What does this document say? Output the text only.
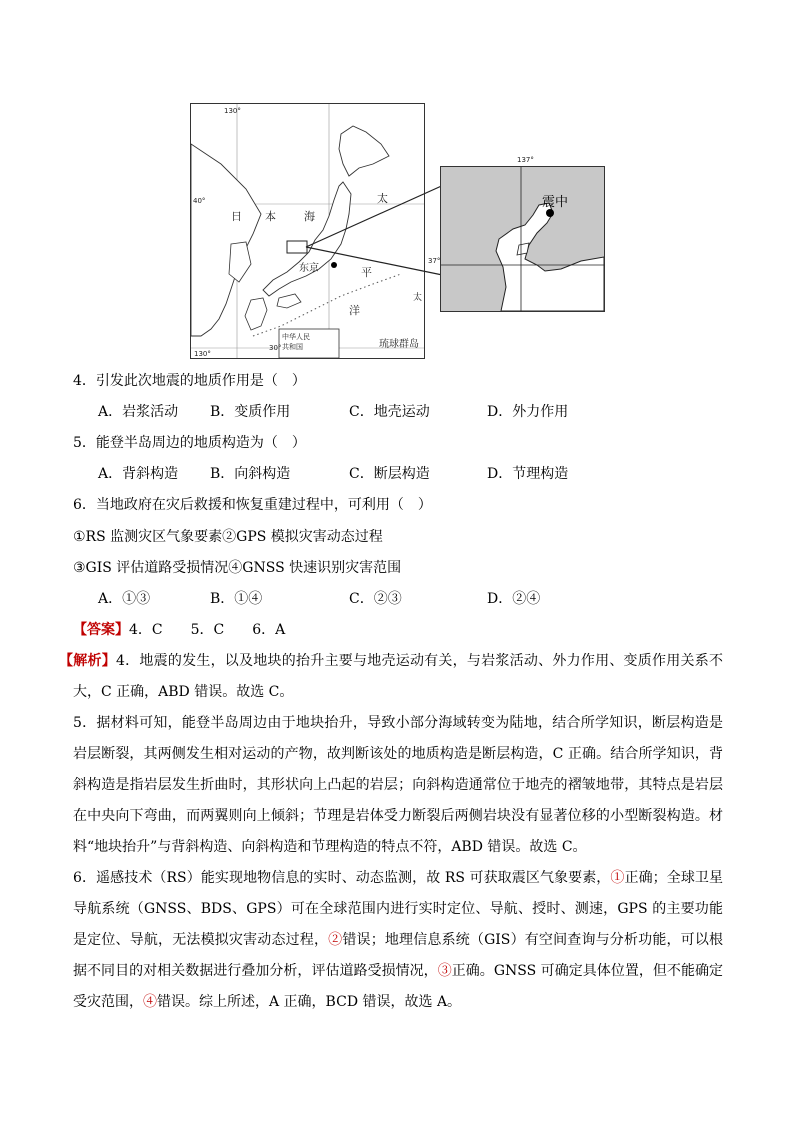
130°
40°
130°
30°
日 本	海
太
平
洋
太
东京
琉球群岛
中华人民
共和国
震中
137°
37°
4．引发此次地震的地质作用是（　）
A．岩浆活动 B．变质作用	C．地壳运动	D．外力作用
5．能登半岛周边的地质构造为（　）
A．背斜构造 B．向斜构造	C．断层构造	D．节理构造
6．当地政府在灾后救援和恢复重建过程中，可利用（　）
①RS 监测灾区气象要素②GPS 模拟灾害动态过程
③GIS 评估道路受损情况④GNSS 快速识别灾害范围
A．①③	B．①④	C．②③	D．②④
【答案】4．C　　5．C　　6．A
【解析】4．地震的发生，以及地块的抬升主要与地壳运动有关，与岩浆活动、外力作用、变质作用关系不大，C 正确，ABD 错误。故选 C。
5．据材料可知，能登半岛周边由于地块抬升，导致小部分海域转变为陆地，结合所学知识，断层构造是岩层断裂，其两侧发生相对运动的产物，故判断该处的地质构造是断层构造，C 正确。结合所学知识，背斜构造是指岩层发生折曲时，其形状向上凸起的岩层；向斜构造通常位于地壳的褶皱地带，其特点是岩层在中央向下弯曲，而两翼则向上倾斜；节理是岩体受力断裂后两侧岩块没有显著位移的小型断裂构造。材料“地块抬升”与背斜构造、向斜构造和节理构造的特点不符，ABD 错误。故选 C。
6．遥感技术（RS）能实现地物信息的实时、动态监测，故 RS 可获取震区气象要素，①正确；全球卫星导航系统（GNSS、BDS、GPS）可在全球范围内进行实时定位、导航、授时、测速，GPS 的主要功能是定位、导航，无法模拟灾害动态过程，②错误；地理信息系统（GIS）有空间查询与分析功能，可以根据不同目的对相关数据进行叠加分析，评估道路受损情况，③正确。GNSS 可确定具体位置，但不能确定受灾范围，④错误。综上所述，A 正确，BCD 错误，故选 A。
